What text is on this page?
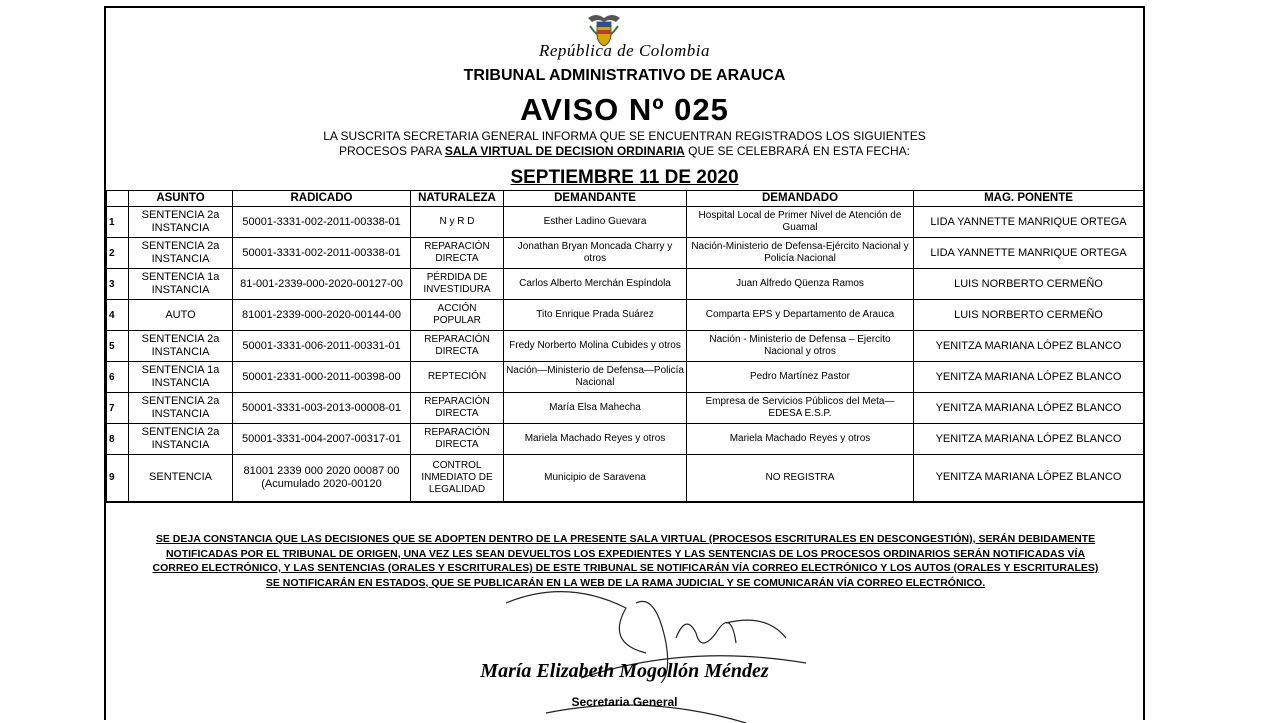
República de Colombia
TRIBUNAL ADMINISTRATIVO DE ARAUCA
AVISO Nº 025
LA SUSCRITA SECRETARIA GENERAL INFORMA QUE SE ENCUENTRAN REGISTRADOS LOS SIGUIENTES
PROCESOS PARA SALA VIRTUAL DE DECISION ORDINARIA QUE SE CELEBRARÁ EN ESTA FECHA:
SEPTIEMBRE 11 DE 2020
	ASUNTO	RADICADO	NATURALEZA	DEMANDANTE	DEMANDADO	MAG. PONENTE
1	SENTENCIA 2a INSTANCIA	50001-3331-002-2011-00338-01	N y R D	Esther Ladino Guevara	Hospital Local de Primer Nivel de Atención de Guamal	LIDA YANNETTE MANRIQUE ORTEGA
2	SENTENCIA 2a INSTANCIA	50001-3331-002-2011-00338-01	REPARACIÓN DIRECTA	Jonathan Bryan Moncada Charry y otros	Nación-Ministerio de Defensa-Ejército Nacional y Policía Nacional	LIDA YANNETTE MANRIQUE ORTEGA
3	SENTENCIA 1a INSTANCIA	81-001-2339-000-2020-00127-00	PÉRDIDA DE INVESTIDURA	Carlos Alberto Merchán Espíndola	Juan Alfredo Qüenza Ramos	LUIS NORBERTO CERMEÑO
4	AUTO	81001-2339-000-2020-00144-00	ACCIÓN POPULAR	Tito Enrique Prada Suárez	Comparta EPS y Departamento de Arauca	LUIS NORBERTO CERMEÑO
5	SENTENCIA 2a INSTANCIA	50001-3331-006-2011-00331-01	REPARACIÓN DIRECTA	Fredy Norberto Molina Cubides y otros	Nación - Ministerio de Defensa – Ejercito Nacional y otros	YENITZA MARIANA LÓPEZ BLANCO
6	SENTENCIA 1a INSTANCIA	50001-2331-000-2011-00398-00	REPTECIÓN	Nación—Ministerio de Defensa—Policía Nacional	Pedro Martínez Pastor	YENITZA MARIANA LÓPEZ BLANCO
7	SENTENCIA 2a INSTANCIA	50001-3331-003-2013-00008-01	REPARACIÓN DIRECTA	María Elsa Mahecha	Empresa de Servicios Públicos del Meta—EDESA E.S.P.	YENITZA MARIANA LÓPEZ BLANCO
8	SENTENCIA 2a INSTANCIA	50001-3331-004-2007-00317-01	REPARACIÓN DIRECTA	Mariela Machado Reyes y otros	Mariela Machado Reyes y otros	YENITZA MARIANA LÓPEZ BLANCO
9	SENTENCIA	81001 2339 000 2020 00087 00 (Acumulado 2020-00120	CONTROL INMEDIATO DE LEGALIDAD	Municipio de Saravena	NO REGISTRA	YENITZA MARIANA LÓPEZ BLANCO
SE DEJA CONSTANCIA QUE LAS DECISIONES QUE SE ADOPTEN DENTRO DE LA PRESENTE SALA VIRTUAL (PROCESOS ESCRITURALES EN DESCONGESTIÓN), SERÁN DEBIDAMENTE
NOTIFICADAS POR EL TRIBUNAL DE ORIGEN, UNA VEZ LES SEAN DEVUELTOS LOS EXPEDIENTES Y LAS SENTENCIAS DE LOS PROCESOS ORDINARIOS SERÁN NOTIFICADAS VÍA
CORREO ELECTRÓNICO, Y LAS SENTENCIAS (ORALES Y ESCRITURALES) DE ESTE TRIBUNAL SE NOTIFICARÁN VÍA CORREO ELECTRÓNICO Y LOS AUTOS (ORALES Y ESCRITURALES)
SE NOTIFICARÁN EN ESTADOS, QUE SE PUBLICARÁN EN LA WEB DE LA RAMA JUDICIAL Y SE COMUNICARÁN VÍA CORREO ELECTRÓNICO.
María Elizabeth Mogollón Méndez
Secretaria General
